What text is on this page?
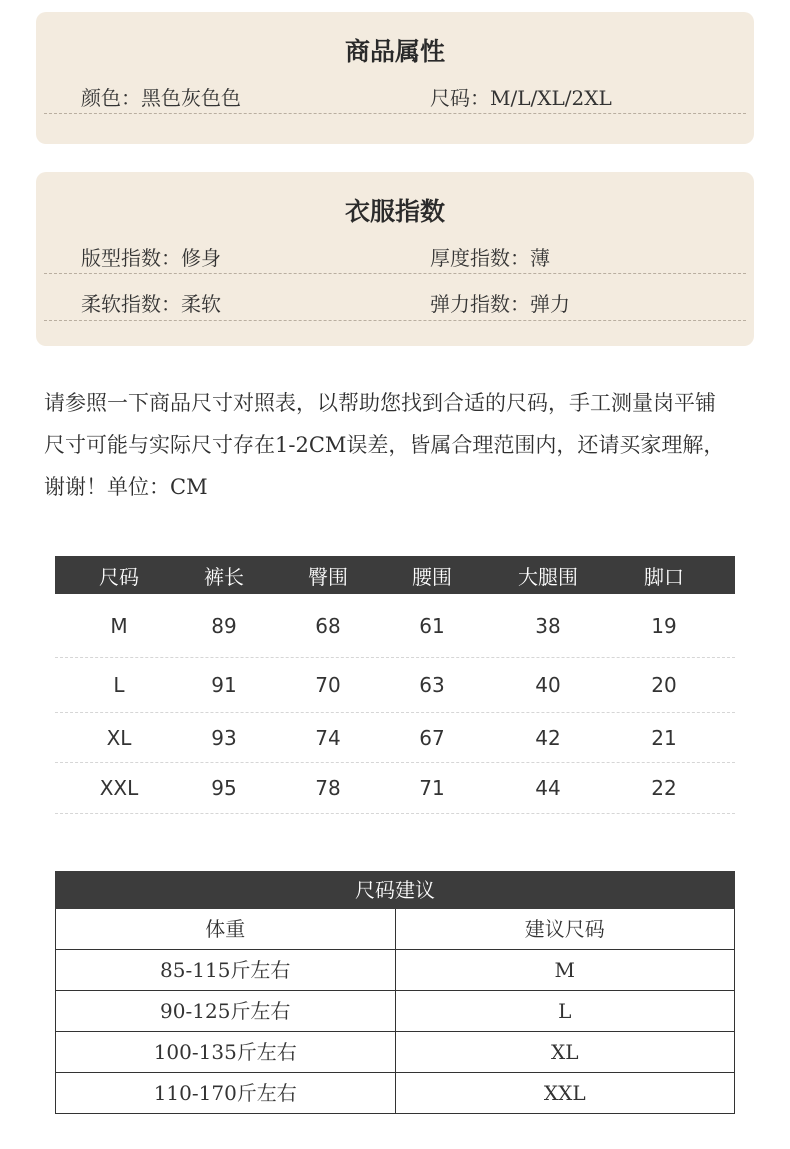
商品属性
颜色：黑色灰色色	尺码：M/L/XL/2XL
衣服指数
版型指数：修身	厚度指数：薄
柔软指数：柔软	弹力指数：弹力

请参照一下商品尺寸对照表，以帮助您找到合适的尺码，手工测量岗平铺

尺寸可能与实际尺寸存在1-2CM误差，皆属合理范围内，还请买家理解，

谢谢！单位：CM

尺码	裤长	臀围	腰围	大腿围	脚口
M	89	68	61	38	19
L	91	70	63	40	20
XL	93	74	67	42	21
XXL	95	78	71	44	22
尺码建议
体重	建议尺码
85-115斤左右	M
90-125斤左右	L
100-135斤左右	XL
110-170斤左右	XXL
